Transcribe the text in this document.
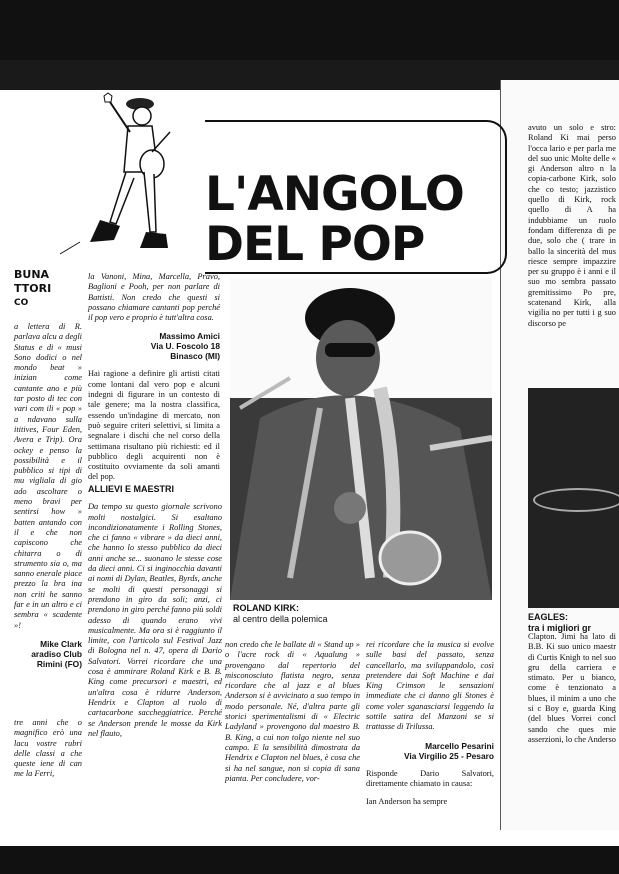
L'ANGOLO
DEL POP
ROLAND KIRK:
al centro della polemica
BUNA
TTORI
CO

a lettera di R. parlava alcu a degli Status e di « musi Sono dodici o nel mondo beat » inizian come cantante ano e più tar posto di tec con vari com ili « pop » a ndavano sulla ititives, Four Eden, Avera e Trip). Ora ockey e penso la possibilità e il pubblico si tipi di mu vigliala di gio ado ascoltare o meno bravi per sentirsi how » batten antando con il e che non capiscono che chitarra o di strumento sia o, ma sanno enerale piace prezzo la bra ina non criti he sanno far e in un altro e ci sembra « scadente »!

Mike Clark
aradiso Club Rimini (FO)

tre anni che o magnifico erò una lacu vostre rubri delle classi a che queste iene di can me la Ferri,

la Vanoni, Mina, Marcella, Pravo, Baglioni e Pooh, per non parlare di Battisti. Non credo che questi si possano chiamare cantanti pop perché il pop vero e proprio è tutt'altra cosa.

Massimo Amici
Via U. Foscolo 18
Binasco (MI)

Hai ragione a definire gli artisti citati come lontani dal vero pop e alcuni indegni di figurare in un contesto di tale genere; ma la nostra classifica, essendo un'indagine di mercato, non può seguire criteri selettivi, si limita a segnalare i dischi che nel corso della settimana risultano più richiesti: ed il pubblico degli acquirenti non è costituito ovviamente da soli amanti del pop.

ALLIEVI E MAESTRI

Da tempo su questo giornale scrivono molti nostalgici. Si esaltano incondizionatamente i Rolling Stones, che ci fanno « vibrare » da dieci anni, che hanno lo stesso pubblico da dieci anni anche se... suonano le stesse cose da dieci anni. Ci si inginocchia davanti ai nomi di Dylan, Beatles, Byrds, anche se molti di questi personaggi si prendono in giro da soli; anzi, ci prendono in giro perché fanno più soldi adesso di quando erano vivi musicalmente. Ma ora si è raggiunto il limite, con l'articolo sul Festival Jazz di Bologna nel n. 47, opera di Dario Salvatori. Vorrei ricordare che una cosa è ammirare Roland Kirk e B. B. King come precursori e maestri, ed un'altra cosa è ridurre Anderson, Hendrix e Clapton al ruolo di cartacarbone saccheggiatrice. Perché se Anderson prende le mosse da Kirk nel flauto,

non credo che le ballate di « Stand up » o l'acre rock di « Aqualung » provengano dal repertorio del misconosciuto flatista negro, senza ricordare che al jazz e al blues Anderson si è avvicinato a suo tempo in modo personale. Né, d'altra parte gli storici sperimentalismi di « Electric Ladyland » provengono dal maestro B. B. King, a cui non tolgo niente nel suo campo. E la sensibilità dimostrata da Hendrix e Clapton nel blues, è cosa che si ha nel sangue, non si copia di sana pianta. Per concludere, vor-

rei ricordare che la musica si evolve sulle basi del passato, senza cancellarlo, ma sviluppandolo, così pretendere dai Soft Machine e dai King Crimson le sensazioni immediate che ci danno gli Stones è come voler sganasciarsi leggendo la sottile satira del Manzoni se si trattasse di Trilussa.

Marcello Pesarini
Via Virgilio 25 - Pesaro

Risponde Dario Salvatori, direttamente chiamato in causa:

Ian Anderson ha sempre

avuto un solo e stro: Roland Ki mai perso l'occa lario e per parla me del suo unic Molte delle « gi Anderson altro n la copia-carbone Kirk, solo che co testo; jazzistico quello di Kirk, rock quello di A ha indubbiame un ruolo fondam differenza di pe due, solo che ( trare in ballo la sincerità del mus riesce sempre impazzire per su gruppo è i anni e il suo mo sembra passato gremitissimo Po pre, scatenand Kirk, alla vigilia no per tutti i g suo discorso pe

EAGLES:
tra i migliori gr

Clapton. Jimi ha lato di B.B. Ki suo unico maestr di Curtis Knigh to nel suo gru della carriera e stimato. Per u bianco, come è tenzionato a blues, il minim a uno che si c Boy e, guarda King (del blues Vorrei concl sando che ques mie asserzioni, lo che Anderso
